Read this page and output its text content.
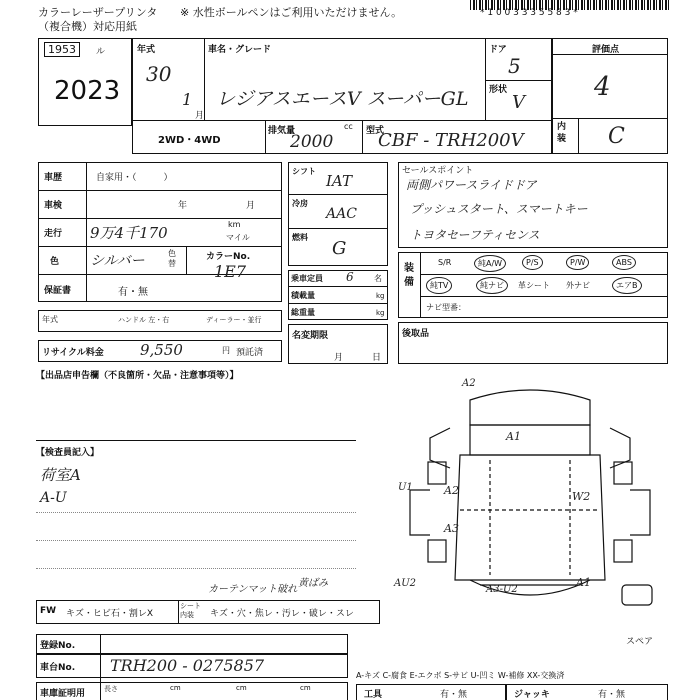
カラーレーザープリンタ
（複合機）対応用紙
※ 水性ボールペンはご利用いただけません。	* 1 0 0 3 3 3 5 5 8 3 *
1953	ル
2023
年式
30
1
月
車名・グレード
レジアスエースV スーパーGL
ドア
5
形状
V
2WD・4WD
排気量	cc
2000
型式
CBF - TRH200V
評価点
4
内装 C
車歴	自家用・（　　　）
車検	年	月
走行 9万4千170	km
マイル
色 シルバー	色替
カラーNo.
1E7
保証書	有・無
年式	ハンドル 左・右	ディーラー・並行
リサイクル料金 9,550	円 預託済
シフト
IAT
冷房
AAC
燃料
G
乗車定員 6	名
積載量	kg
総重量	kg
名変期限
月	日
セールスポイント
両側パワースライドドア
プッシュスタート、スマートキー
トヨタセーフティセンス
装備
S/R	純A/W	P/S	P/W	ABS
純TV	純ナビ	革シート 外ナビ	エアB
ナビ型番：
後取品
【出品店申告欄（不良箇所・欠品・注意事項等）】
【検査員記入】
荷室A
A-U
A2
A1
U1	A2	W2
A3
AU2
A3-U2
A1
スペア
カーテンマット破れ
黄ばみ
FW キズ・ヒビ石・割レX
シート内装	キズ・穴・焦レ・汚レ・破レ・スレ
登録No.
車台No. TRH200 - 0275857
車庫証明用	長さ	cm	cm	cm
A-キズ C-腐食 E-エクボ S-サビ U-凹ミ W-補修 XX-交換済
工具	有・無	ジャッキ	有・無
